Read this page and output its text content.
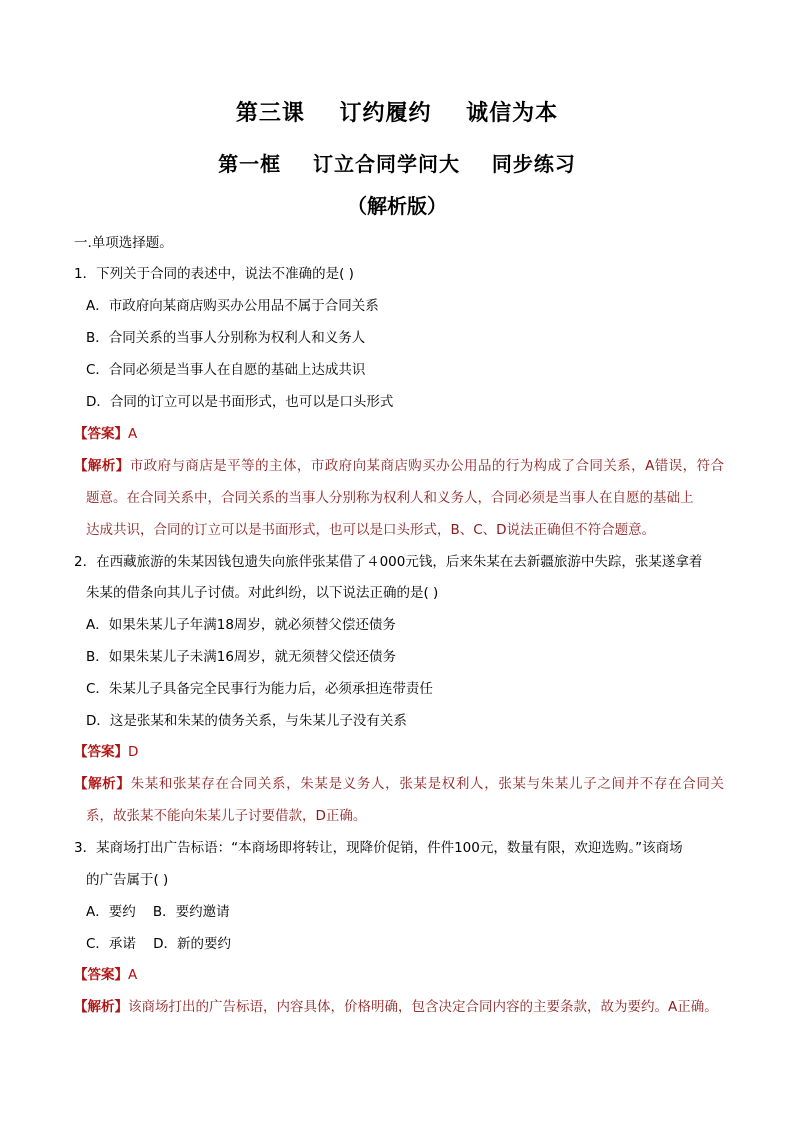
第三课    订约履约    诚信为本
第一框    订立合同学问大    同步练习
（解析版）
一.单项选择题。
1．下列关于合同的表述中，说法不准确的是( )
A．市政府向某商店购买办公用品不属于合同关系
B．合同关系的当事人分别称为权利人和义务人
C．合同必须是当事人在自愿的基础上达成共识
D．合同的订立可以是书面形式，也可以是口头形式
【答案】A
【解析】市政府与商店是平等的主体，市政府向某商店购买办公用品的行为构成了合同关系，A错误，符合
题意。在合同关系中，合同关系的当事人分别称为权利人和义务人，合同必须是当事人在自愿的基础上
达成共识，合同的订立可以是书面形式，也可以是口头形式，B、C、D说法正确但不符合题意。
2．在西藏旅游的朱某因钱包遗失向旅伴张某借了４000元钱，后来朱某在去新疆旅游中失踪，张某遂拿着
朱某的借条向其儿子讨债。对此纠纷，以下说法正确的是( )
A．如果朱某儿子年满18周岁，就必须替父偿还债务
B．如果朱某儿子未满16周岁，就无须替父偿还债务
C．朱某儿子具备完全民事行为能力后，必须承担连带责任
D．这是张某和朱某的债务关系，与朱某儿子没有关系
【答案】D
【解析】朱某和张某存在合同关系，朱某是义务人，张某是权利人，张某与朱某儿子之间并不存在合同关
系，故张某不能向朱某儿子讨要借款，D正确。
3．某商场打出广告标语：“本商场即将转让，现降价促销，件件100元，数量有限，欢迎选购。”该商场
的广告属于( )
A．要约    B．要约邀请
C．承诺    D．新的要约
【答案】A
【解析】该商场打出的广告标语，内容具体，价格明确，包含决定合同内容的主要条款，故为要约。A正确。
